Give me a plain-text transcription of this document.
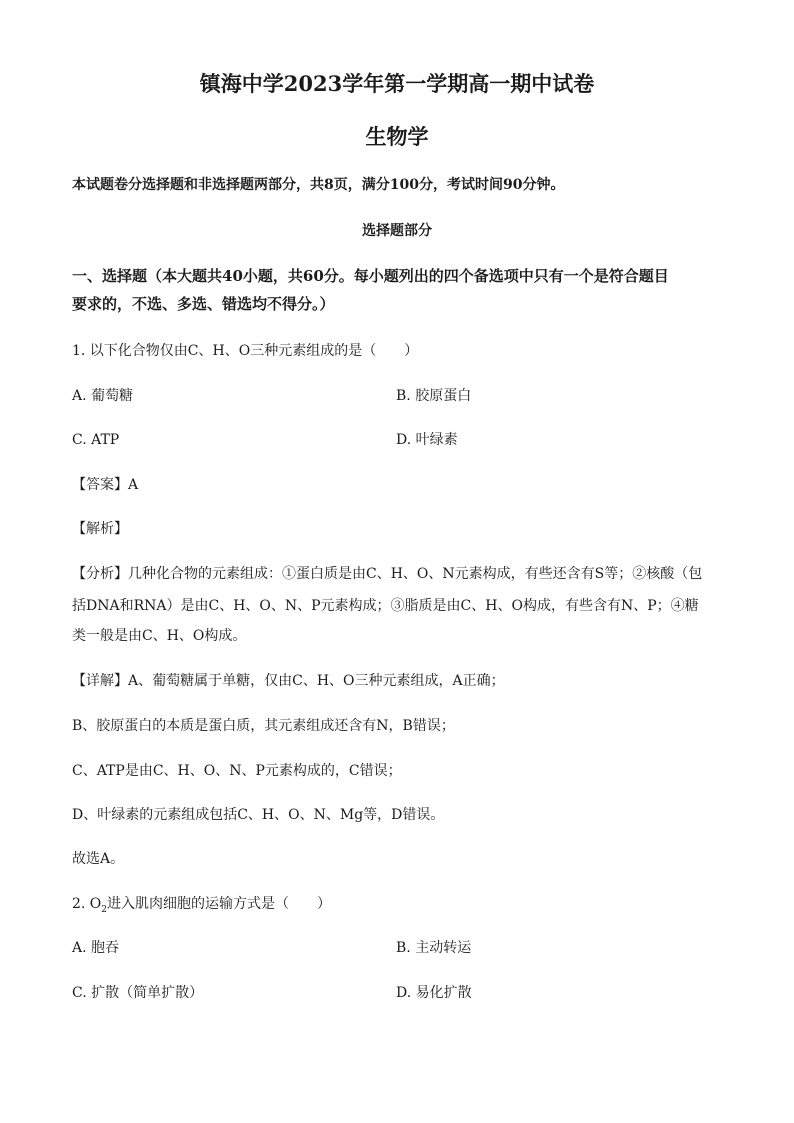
镇海中学2023学年第一学期高一期中试卷
生物学
本试题卷分选择题和非选择题两部分，共8页，满分100分，考试时间90分钟。
选择题部分
一、选择题（本大题共40小题，共60分。每小题列出的四个备选项中只有一个是符合题目
要求的，不选、多选、错选均不得分。）
1. 以下化合物仅由C、H、O三种元素组成的是（　　）
A. 葡萄糖	B. 胶原蛋白
C. ATP	D. 叶绿素
【答案】A
【解析】
【分析】几种化合物的元素组成：①蛋白质是由C、H、O、N元素构成，有些还含有S等；②核酸（包
括DNA和RNA）是由C、H、O、N、P元素构成；③脂质是由C、H、O构成，有些含有N、P；④糖
类一般是由C、H、O构成。
【详解】A、葡萄糖属于单糖，仅由C、H、O三种元素组成，A正确；
B、胶原蛋白的本质是蛋白质，其元素组成还含有N，B错误；
C、ATP是由C、H、O、N、P元素构成的，C错误；
D、叶绿素的元素组成包括C、H、O、N、Mg等，D错误。
故选A。
2. $O_2$进入肌肉细胞的运输方式是（　　）
A. 胞吞	B. 主动转运
C. 扩散（简单扩散）	D. 易化扩散
